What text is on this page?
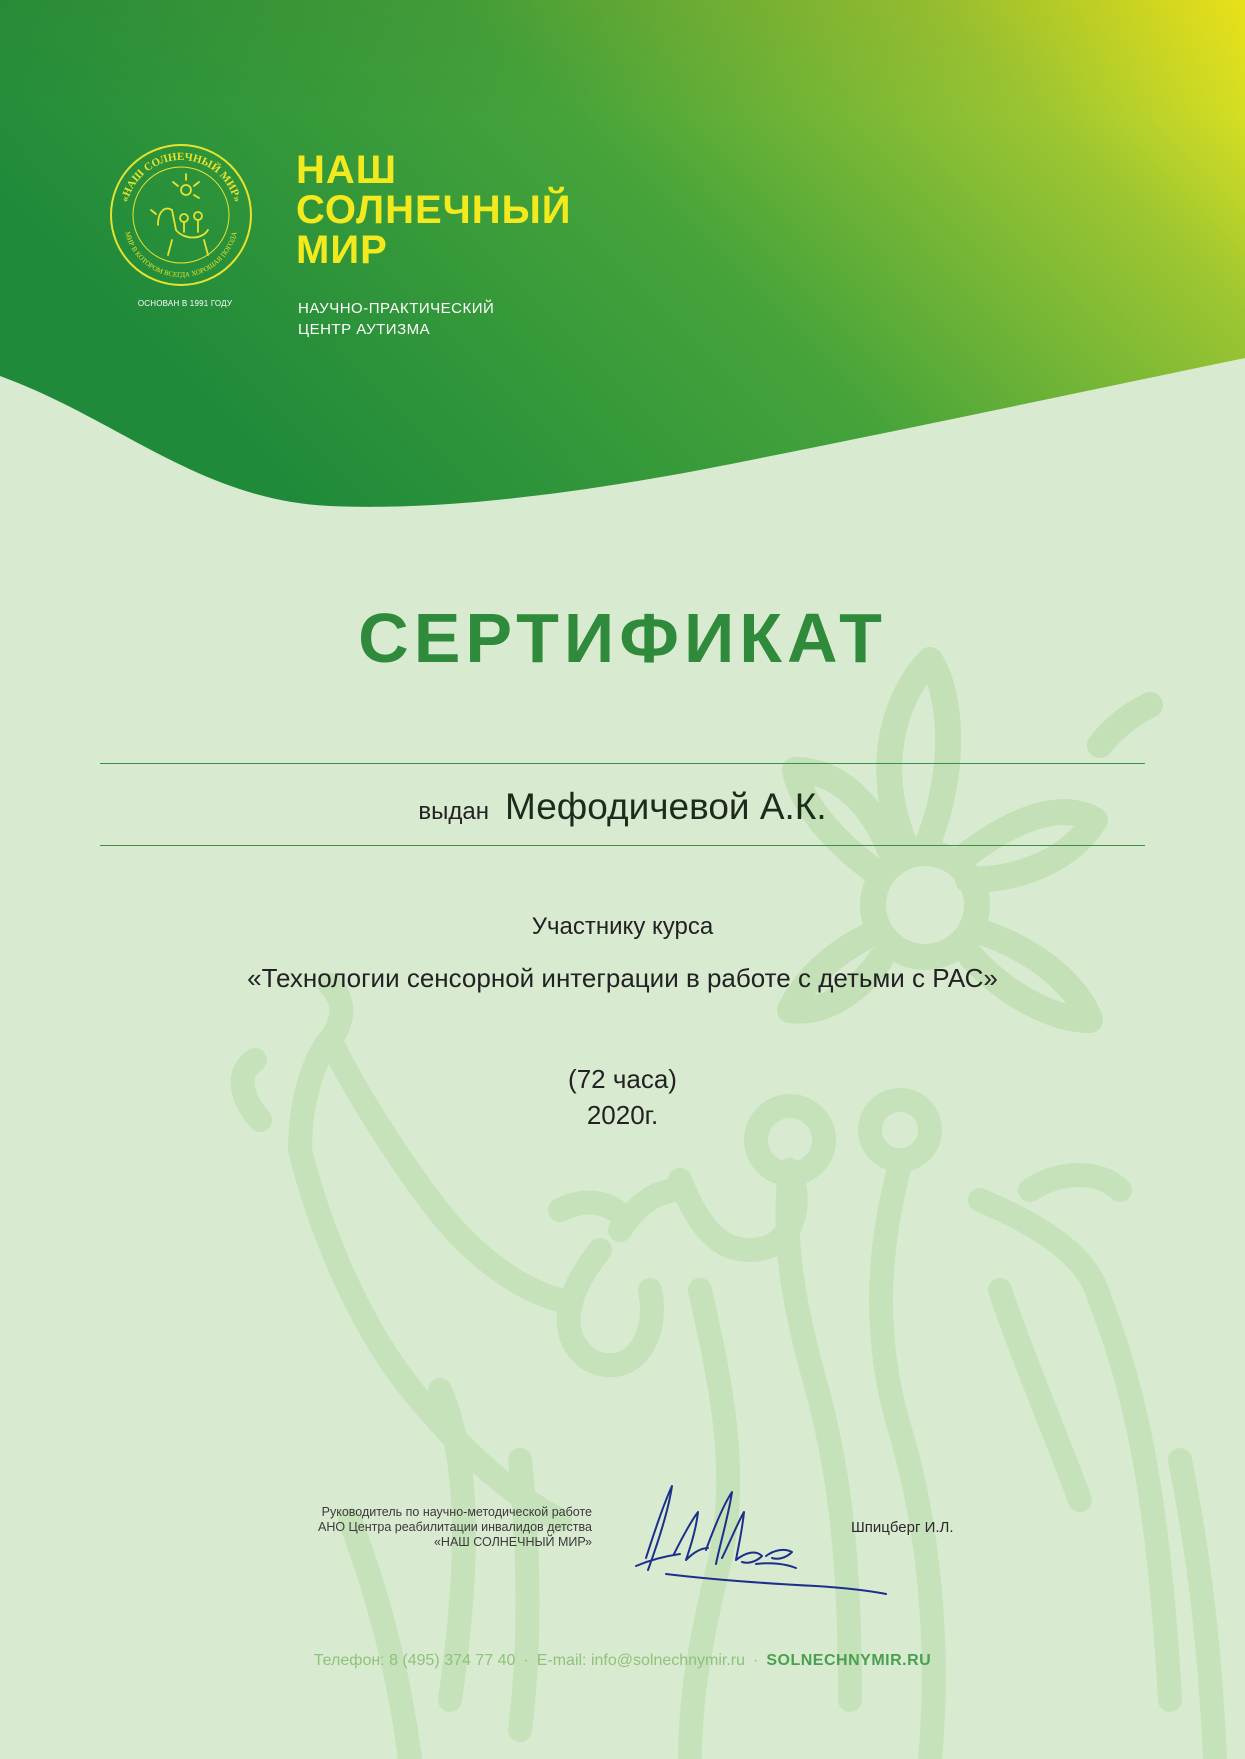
«НАШ СОЛНЕЧНЫЙ МИР»
МИР В КОТОРОМ ВСЕГДА ХОРОШАЯ ПОГОДА
ОСНОВАН В 1991 ГОДУ
НАШ
СОЛНЕЧНЫЙ
МИР
НАУЧНО-ПРАКТИЧЕСКИЙ
ЦЕНТР АУТИЗМА
СЕРТИФИКАТ
выдан Мефодичевой А.К.
Участнику курса
«Технологии сенсорной интеграции в работе с детьми с РАС»
(72 часа)
2020г.
Руководитель по научно-методической работе
АНО Центра реабилитации инвалидов детства
«НАШ СОЛНЕЧНЫЙ МИР»
Шпицберг И.Л.
Телефон: 8 (495) 374 77 40 · E-mail: info@solnechnymir.ru · SOLNECHNYMIR.RU
